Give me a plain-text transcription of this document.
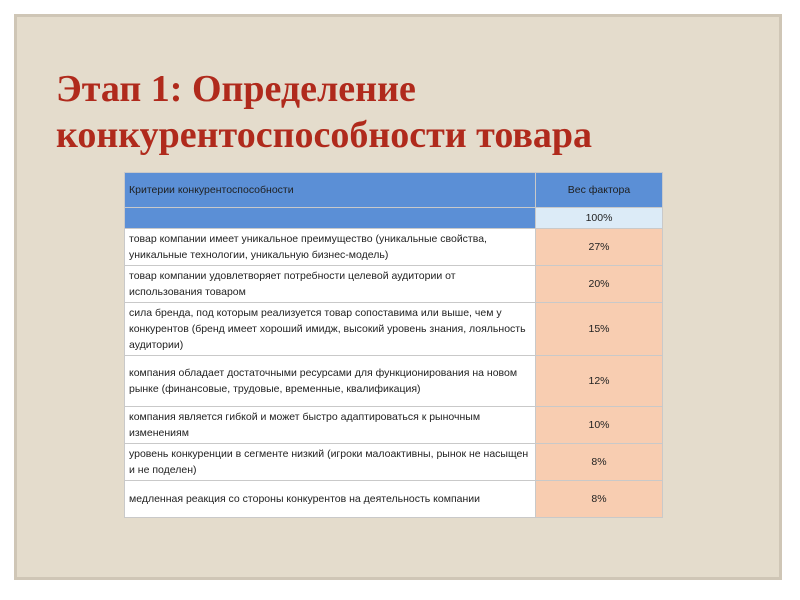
Этап 1: Определение
конкурентоспособности товара
Критерии конкурентоспособности	Вес фактора
	100%
товар компании имеет уникальное преимущество (уникальные свойства, уникальные технологии, уникальную бизнес-модель)	27%
товар компании удовлетворяет потребности целевой аудитории от использования товаром	20%
сила бренда, под которым реализуется товар сопоставима или выше, чем у конкурентов (бренд имеет хороший имидж, высокий уровень знания, лояльность аудитории)	15%
компания обладает достаточными ресурсами для функционирования на новом рынке (финансовые, трудовые, временные, квалификация)	12%
компания является гибкой и может быстро адаптироваться к рыночным изменениям	10%
уровень конкуренции в сегменте низкий (игроки малоактивны, рынок не насыщен и не поделен)	8%
медленная реакция со стороны конкурентов на деятельность компании	8%
